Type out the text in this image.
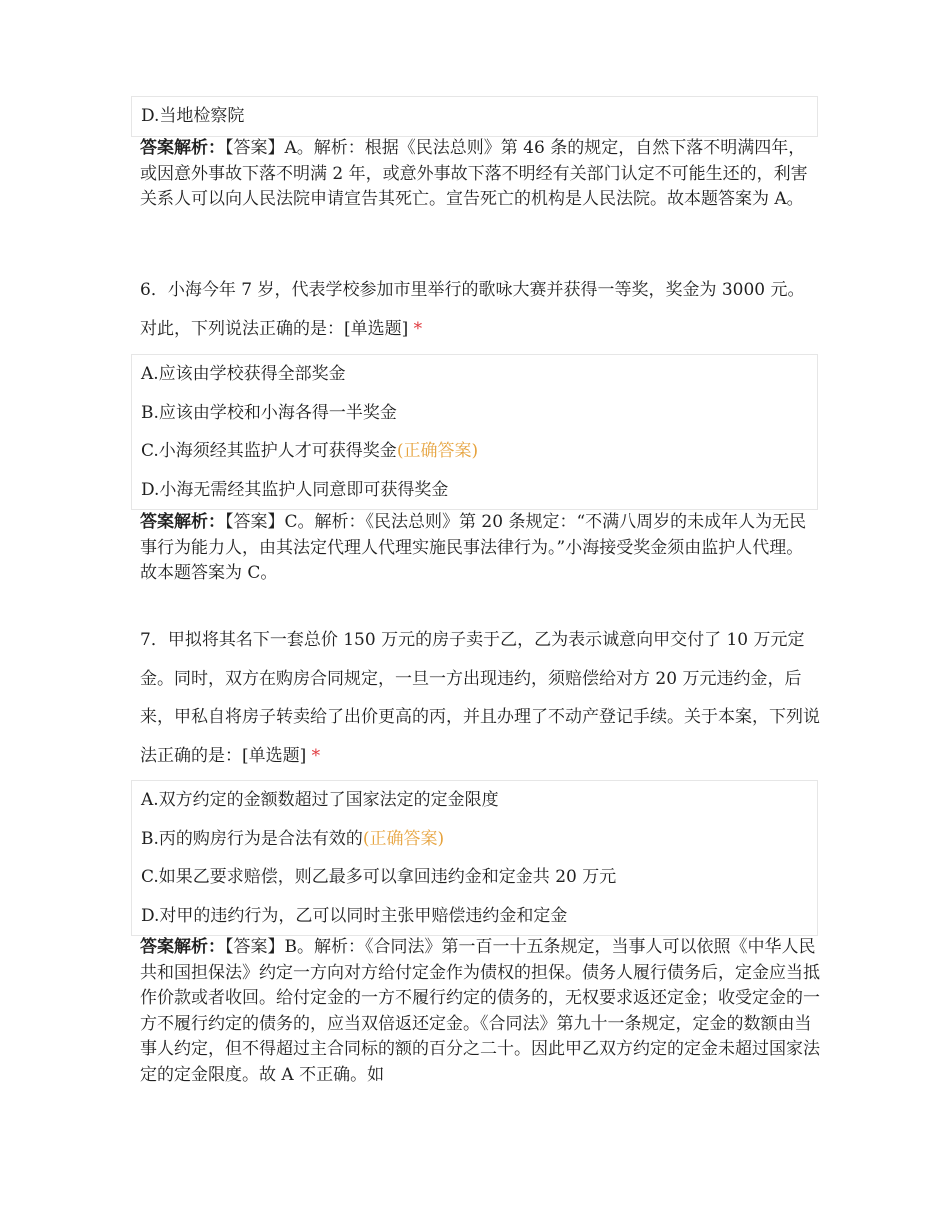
D.当地检察院

答案解析：【答案】A。解析：根据《民法总则》第 46 条的规定，自然下落不明满四年，或因意外事故下落不明满 2 年，或意外事故下落不明经有关部门认定不可能生还的，利害关系人可以向人民法院申请宣告其死亡。宣告死亡的机构是人民法院。故本题答案为 A。

6．小海今年 7 岁，代表学校参加市里举行的歌咏大赛并获得一等奖，奖金为 3000 元。对此，下列说法正确的是：[单选题] *

A.应该由学校获得全部奖金
B.应该由学校和小海各得一半奖金
C.小海须经其监护人才可获得奖金(正确答案)
D.小海无需经其监护人同意即可获得奖金

答案解析：【答案】C。解析：《民法总则》第 20 条规定：“不满八周岁的未成年人为无民事行为能力人，由其法定代理人代理实施民事法律行为。”小海接受奖金须由监护人代理。故本题答案为 C。

7．甲拟将其名下一套总价 150 万元的房子卖于乙，乙为表示诚意向甲交付了 10 万元定金。同时，双方在购房合同规定，一旦一方出现违约，须赔偿给对方 20 万元违约金，后来，甲私自将房子转卖给了出价更高的丙，并且办理了不动产登记手续。关于本案，下列说法正确的是：[单选题] *

A.双方约定的金额数超过了国家法定的定金限度
B.丙的购房行为是合法有效的(正确答案)
C.如果乙要求赔偿，则乙最多可以拿回违约金和定金共 20 万元
D.对甲的违约行为，乙可以同时主张甲赔偿违约金和定金

答案解析：【答案】B。解析：《合同法》第一百一十五条规定，当事人可以依照《中华人民共和国担保法》约定一方向对方给付定金作为债权的担保。债务人履行债务后，定金应当抵作价款或者收回。给付定金的一方不履行约定的债务的，无权要求返还定金；收受定金的一方不履行约定的债务的，应当双倍返还定金。《合同法》第九十一条规定，定金的数额由当事人约定，但不得超过主合同标的额的百分之二十。因此甲乙双方约定的定金未超过国家法定的定金限度。故 A 不正确。如
